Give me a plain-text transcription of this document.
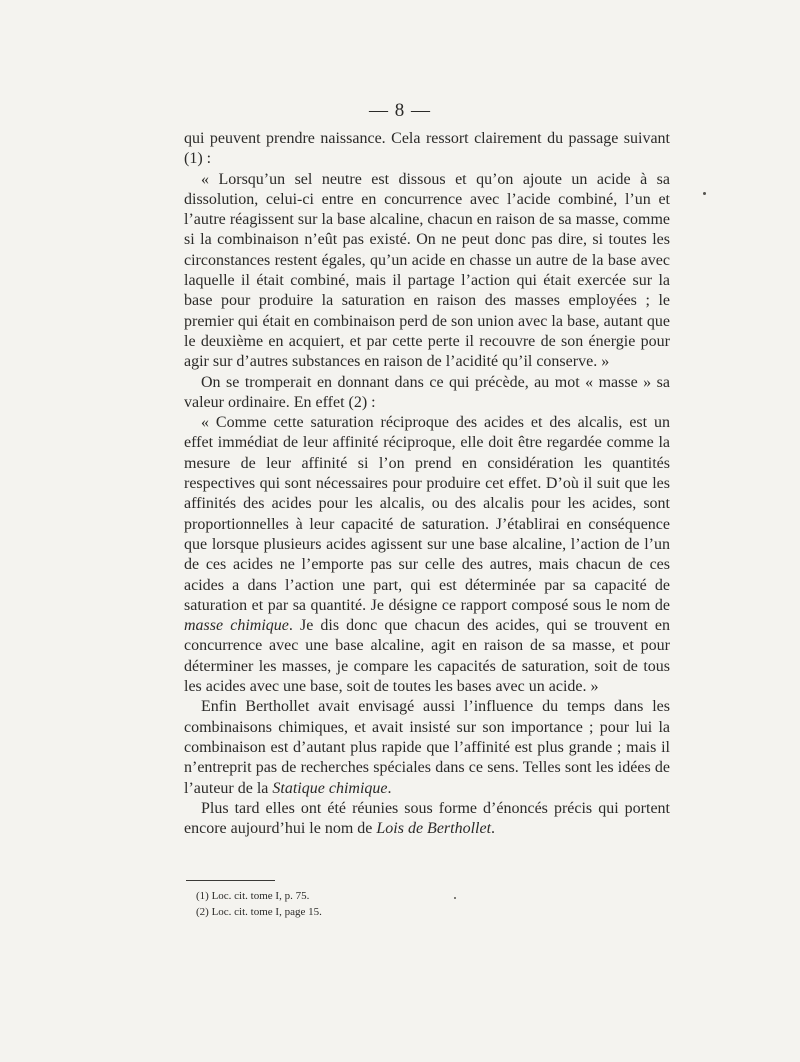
— 8 —

qui peuvent prendre naissance. Cela ressort clairement du passage suivant (1) :

« Lorsqu’un sel neutre est dissous et qu’on ajoute un acide à sa dissolution, celui-ci entre en concurrence avec l’acide combiné, l’un et l’autre réagissent sur la base alcaline, chacun en raison de sa masse, comme si la combinaison n’eût pas existé. On ne peut donc pas dire, si toutes les circonstances restent égales, qu’un acide en chasse un autre de la base avec laquelle il était combiné, mais il partage l’action qui était exercée sur la base pour produire la saturation en raison des masses employées ; le premier qui était en combinaison perd de son union avec la base, autant que le deuxième en acquiert, et par cette perte il recouvre de son énergie pour agir sur d’autres substances en raison de l’acidité qu’il conserve. »

On se tromperait en donnant dans ce qui précède, au mot « masse » sa valeur ordinaire. En effet (2) :

« Comme cette saturation réciproque des acides et des alcalis, est un effet immédiat de leur affinité réciproque, elle doit être regardée comme la mesure de leur affinité si l’on prend en considération les quantités respectives qui sont nécessaires pour produire cet effet. D’où il suit que les affinités des acides pour les alcalis, ou des alcalis pour les acides, sont proportionnelles à leur capacité de saturation. J’établirai en conséquence que lorsque plusieurs acides agissent sur une base alcaline, l’action de l’un de ces acides ne l’emporte pas sur celle des autres, mais chacun de ces acides a dans l’action une part, qui est déterminée par sa capacité de saturation et par sa quantité. Je désigne ce rapport composé sous le nom de masse chimique. Je dis donc que chacun des acides, qui se trouvent en concurrence avec une base alcaline, agit en raison de sa masse, et pour déterminer les masses, je compare les capacités de saturation, soit de tous les acides avec une base, soit de toutes les bases avec un acide. »

Enfin Berthollet avait envisagé aussi l’influence du temps dans les combinaisons chimiques, et avait insisté sur son importance ; pour lui la combinaison est d’autant plus rapide que l’affinité est plus grande ; mais il n’entreprit pas de recherches spéciales dans ce sens. Telles sont les idées de l’auteur de la Statique chimique.

Plus tard elles ont été réunies sous forme d’énoncés précis qui portent encore aujourd’hui le nom de Lois de Berthollet.

(1) Loc. cit. tome I, p. 75.
(2) Loc. cit. tome I, page 15.
